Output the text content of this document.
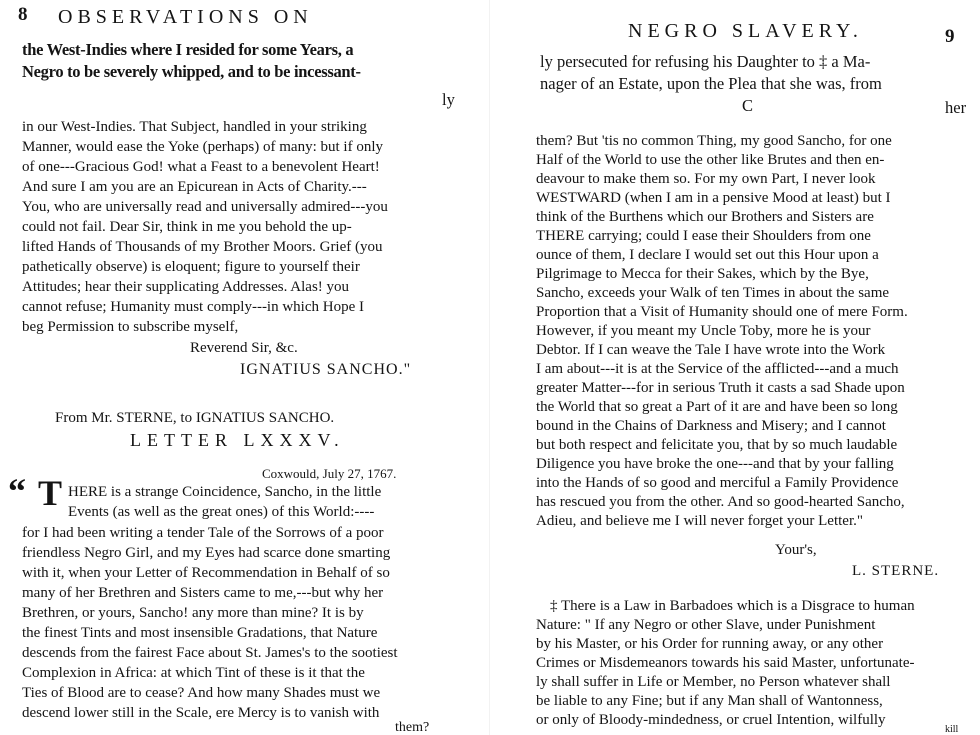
8 OBSERVATIONS ON
the West-Indies where I resided for some Years, a
Negro to be severely whipped, and to be incessant-
ly
in our West-Indies. That Subject, handled in your striking
Manner, would ease the Yoke (perhaps) of many: but if only
of one---Gracious God! what a Feast to a benevolent Heart!
And sure I am you are an Epicurean in Acts of Charity.---
You, who are universally read and universally admired---you
could not fail. Dear Sir, think in me you behold the up-
lifted Hands of Thousands of my Brother Moors. Grief (you
pathetically observe) is eloquent; figure to yourself their
Attitudes; hear their supplicating Addresses. Alas! you
cannot refuse; Humanity must comply---in which Hope I
beg Permission to subscribe myself,
Reverend Sir, &c.
IGNATIUS SANCHO."
From Mr. STERNE, to IGNATIUS SANCHO.
LETTER LXXXV.
Coxwould, July 27, 1767.
“ T HERE is a strange Coincidence, Sancho, in the little
Events (as well as the great ones) of this World:----
for I had been writing a tender Tale of the Sorrows of a poor
friendless Negro Girl, and my Eyes had scarce done smarting
with it, when your Letter of Recommendation in Behalf of so
many of her Brethren and Sisters came to me,---but why her
Brethren, or yours, Sancho! any more than mine? It is by
the finest Tints and most insensible Gradations, that Nature
descends from the fairest Face about St. James's to the sootiest
Complexion in Africa: at which Tint of these is it that the
Ties of Blood are to cease? And how many Shades must we
descend lower still in the Scale, ere Mercy is to vanish with
them?
NEGRO SLAVERY.	9
ly persecuted for refusing his Daughter to ‡ a Ma-
nager of an Estate, upon the Plea that she was, from
C	her
them? But 'tis no common Thing, my good Sancho, for one
Half of the World to use the other like Brutes and then en-
deavour to make them so. For my own Part, I never look
WESTWARD (when I am in a pensive Mood at least) but I
think of the Burthens which our Brothers and Sisters are
THERE carrying; could I ease their Shoulders from one
ounce of them, I declare I would set out this Hour upon a
Pilgrimage to Mecca for their Sakes, which by the Bye,
Sancho, exceeds your Walk of ten Times in about the same
Proportion that a Visit of Humanity should one of mere Form.
However, if you meant my Uncle Toby, more he is your
Debtor. If I can weave the Tale I have wrote into the Work
I am about---it is at the Service of the afflicted---and a much
greater Matter---for in serious Truth it casts a sad Shade upon
the World that so great a Part of it are and have been so long
bound in the Chains of Darkness and Misery; and I cannot
but both respect and felicitate you, that by so much laudable
Diligence you have broke the one---and that by your falling
into the Hands of so good and merciful a Family Providence
has rescued you from the other. And so good-hearted Sancho,
Adieu, and believe me I will never forget your Letter."
Your's,
L. STERNE.
‡ There is a Law in Barbadoes which is a Disgrace to human
Nature: " If any Negro or other Slave, under Punishment
by his Master, or his Order for running away, or any other
Crimes or Misdemeanors towards his said Master, unfortunate-
ly shall suffer in Life or Member, no Person whatever shall
be liable to any Fine; but if any Man shall of Wantonness,
or only of Bloody-mindedness, or cruel Intention, wilfully
kill
